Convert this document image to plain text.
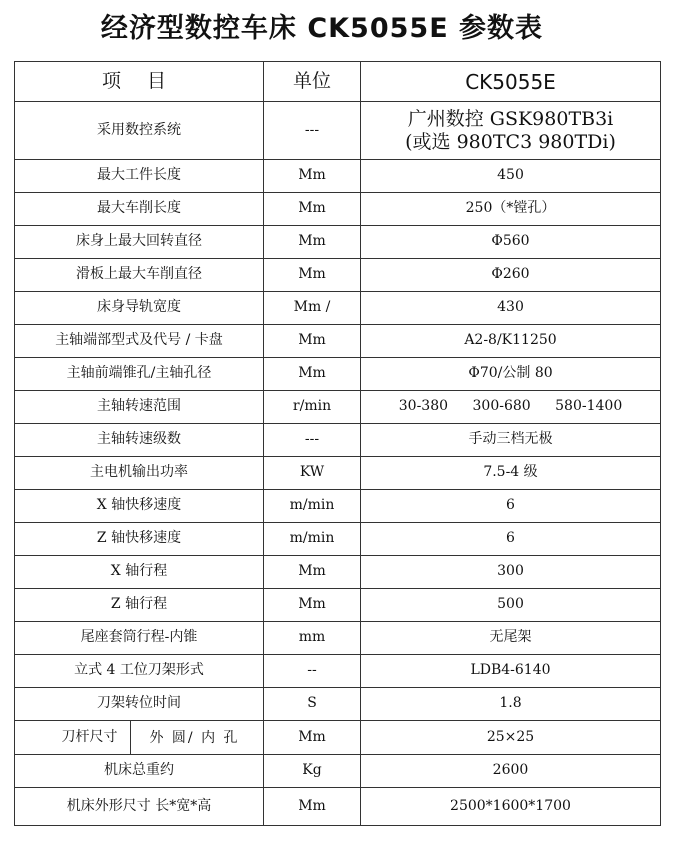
经济型数控车床 CK5055E 参数表
项 目	单位	CK5055E
采用数控系统	---	广州数控 GSK980TB3i
(或选 980TC3 980TDi)

最大工件长度	Mm	450
最大车削长度	Mm	250（*镗孔）
床身上最大回转直径	Mm	Φ560
滑板上最大车削直径	Mm	Φ260
床身导轨宽度	Mm /	430
主轴端部型式及代号 / 卡盘	Mm	A2-8/K11250
主轴前端锥孔/主轴孔径	Mm	Φ70/公制 80
主轴转速范围	r/min	30-380 300-680 580-1400
主轴转速级数	---	手动三档无极
主电机输出功率	KW	7.5-4 级
X 轴快移速度	m/min	6
Z 轴快移速度	m/min	6
X 轴行程	Mm	300
Z 轴行程	Mm	500
尾座套筒行程-内锥	mm	无尾架
立式 4 工位刀架形式	--	LDB4-6140
刀架转位时间	S	1.8
刀杆尺寸 外 圆/ 内 孔	Mm	25×25
机床总重约	Kg	2600
机床外形尺寸 长*宽*高	Mm	2500*1600*1700
